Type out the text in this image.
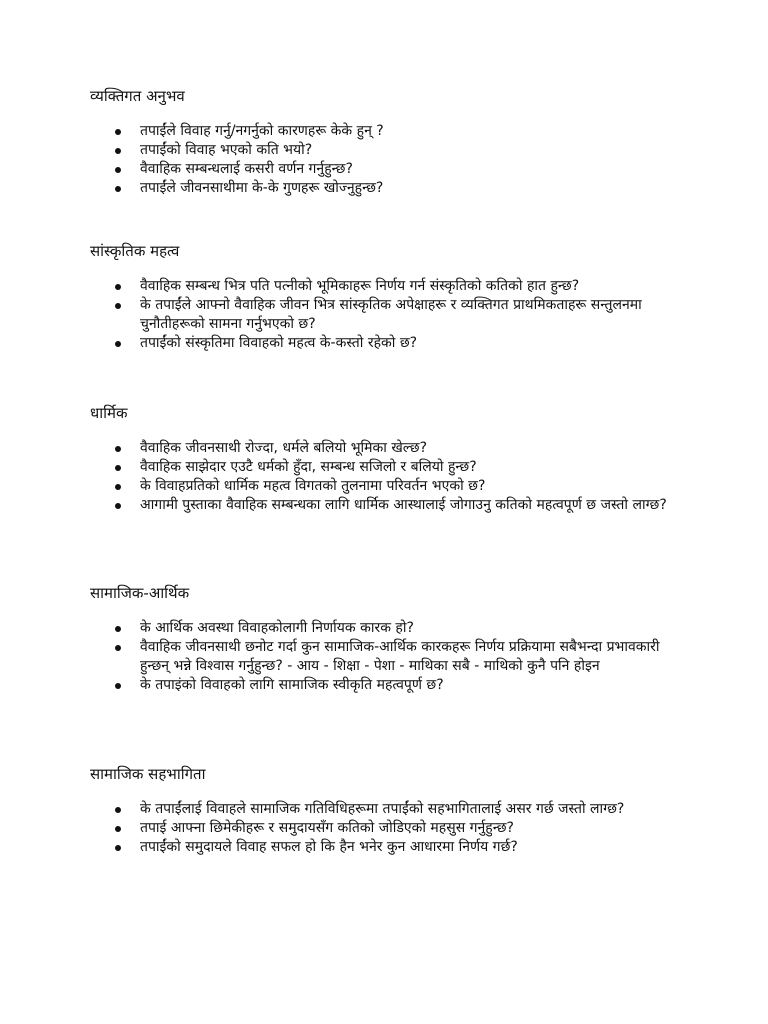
व्यक्तिगत अनुभव
तपाईंले विवाह गर्नु/नगर्नुको कारणहरू केके हुन् ?
तपाईंको विवाह भएको कति भयो?
वैवाहिक सम्बन्धलाई कसरी वर्णन गर्नुहुन्छ?
तपाईंले जीवनसाथीमा के-के गुणहरू खोज्नुहुन्छ?
सांस्कृतिक महत्व
वैवाहिक सम्बन्ध भित्र पति पत्नीको भूमिकाहरू निर्णय गर्न संस्कृतिको कतिको हात हुन्छ?
के तपाईंले आफ्नो वैवाहिक जीवन भित्र सांस्कृतिक अपेक्षाहरू र व्यक्तिगत प्राथमिकताहरू सन्तुलनमा चुनौतीहरूको सामना गर्नुभएको छ?
तपाईंको संस्कृतिमा विवाहको महत्व के-कस्तो रहेको छ?
धार्मिक
वैवाहिक जीवनसाथी रोज्दा, धर्मले बलियो भूमिका खेल्छ?
वैवाहिक साझेदार एउटै धर्मको हुँदा, सम्बन्ध सजिलो र बलियो हुन्छ?
के विवाहप्रतिको धार्मिक महत्व विगतको तुलनामा परिवर्तन भएको छ?
आगामी पुस्ताका वैवाहिक सम्बन्धका लागि धार्मिक आस्थालाई जोगाउनु कतिको महत्वपूर्ण छ जस्तो लाग्छ?
सामाजिक-आर्थिक
के आर्थिक अवस्था विवाहकोलागी निर्णायक कारक हो?
वैवाहिक जीवनसाथी छनोट गर्दा कुन सामाजिक-आर्थिक कारकहरू निर्णय प्रक्रियामा सबैभन्दा प्रभावकारी हुन्छन् भन्ने विश्वास गर्नुहुन्छ? - आय - शिक्षा - पेशा - माथिका सबै - माथिको कुनै पनि होइन
के तपाइंको विवाहको लागि सामाजिक स्वीकृति महत्वपूर्ण छ?
सामाजिक सहभागिता
के तपाईंलाई विवाहले सामाजिक गतिविधिहरूमा तपाईंको सहभागितालाई असर गर्छ जस्तो लाग्छ?
तपाई आफ्ना छिमेकीहरू र समुदायसँग कतिको जोडिएको महसुस गर्नुहुन्छ?
तपाईंको समुदायले विवाह सफल हो कि हैन भनेर कुन आधारमा निर्णय गर्छ?
